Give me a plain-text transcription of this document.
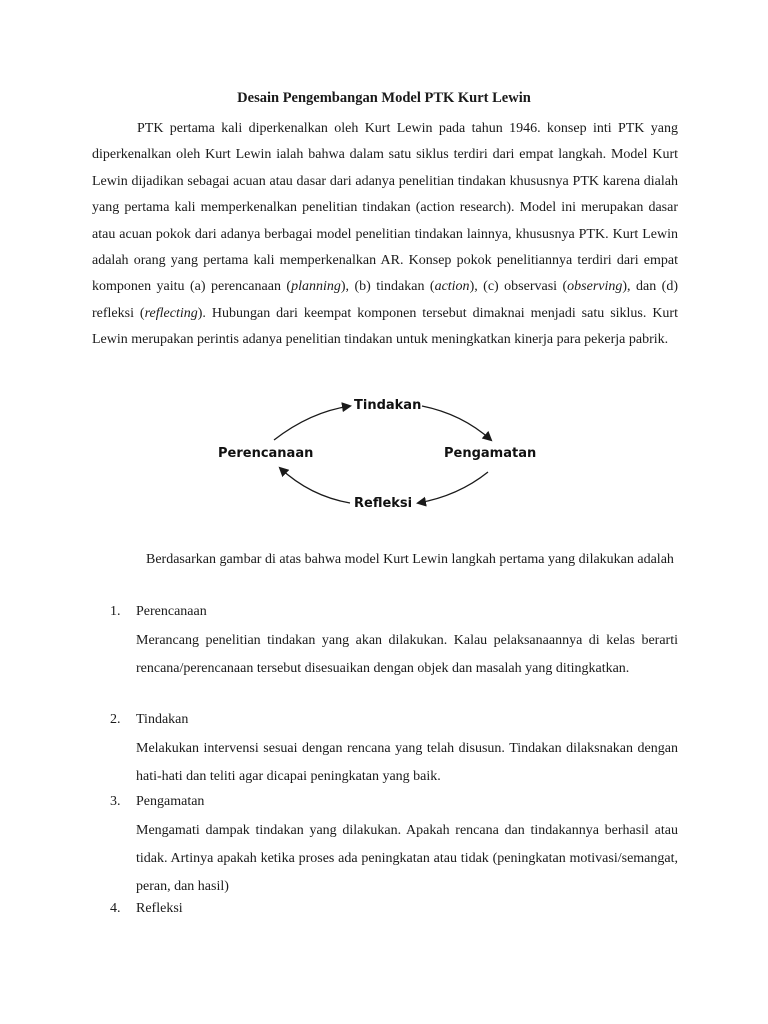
Desain Pengembangan Model PTK Kurt Lewin

PTK pertama kali diperkenalkan oleh Kurt Lewin pada tahun 1946. konsep inti PTK yang diperkenalkan oleh Kurt Lewin ialah bahwa dalam satu siklus terdiri dari empat langkah. Model Kurt Lewin dijadikan sebagai acuan atau dasar dari adanya penelitian tindakan khususnya PTK karena dialah yang pertama kali memperkenalkan penelitian tindakan (action research). Model ini merupakan dasar atau acuan pokok dari adanya berbagai model penelitian tindakan lainnya, khususnya PTK. Kurt Lewin adalah orang yang pertama kali memperkenalkan AR. Konsep pokok penelitiannya terdiri dari empat komponen yaitu (a) perencanaan (planning), (b) tindakan (action), (c) observasi (observing), dan (d) refleksi (reflecting). Hubungan dari keempat komponen tersebut dimaknai menjadi satu siklus. Kurt Lewin merupakan perintis adanya penelitian tindakan untuk meningkatkan kinerja para pekerja pabrik.

Tindakan
Perencanaan	Pengamatan
Refleksi

Berdasarkan gambar di atas bahwa model Kurt Lewin langkah pertama yang dilakukan adalah

1. Perencanaan

Merancang penelitian tindakan yang akan dilakukan. Kalau pelaksanaannya di kelas berarti rencana/perencanaan tersebut disesuaikan dengan objek dan masalah yang ditingkatkan.

2. Tindakan

Melakukan intervensi sesuai dengan rencana yang telah disusun. Tindakan dilaksnakan dengan hati-hati dan teliti agar dicapai peningkatan yang baik.

3. Pengamatan

Mengamati dampak tindakan yang dilakukan. Apakah rencana dan tindakannya berhasil atau tidak. Artinya apakah ketika proses ada peningkatan atau tidak (peningkatan motivasi/semangat, peran, dan hasil)

4. Refleksi
